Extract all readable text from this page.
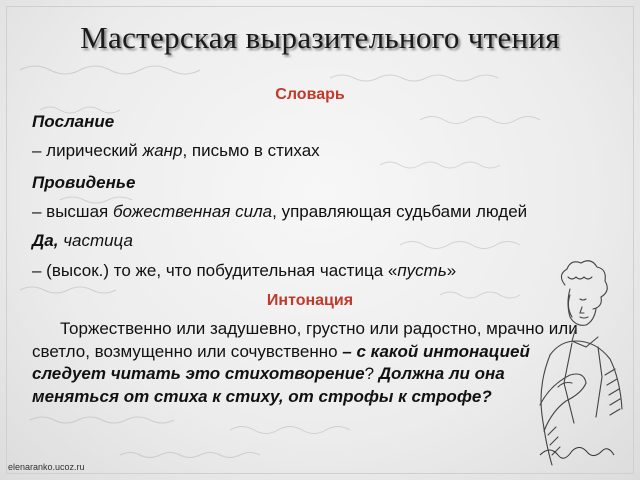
Мастерская выразительного чтения
Словарь
Послание
– лирический жанр, письмо в стихах
Провиденье
– высшая божественная сила, управляющая судьбами людей
Да, частица
– (высок.) то же, что побудительная частица «пусть»
Интонация
Торжественно или задушевно, грустно или радостно, мрачно или светло, возмущенно или сочувственно – с какой интонацией следует читать это стихотворение? Должна ли она меняться от стиха к стиху, от строфы к строфе?
elenaranko.ucoz.ru
